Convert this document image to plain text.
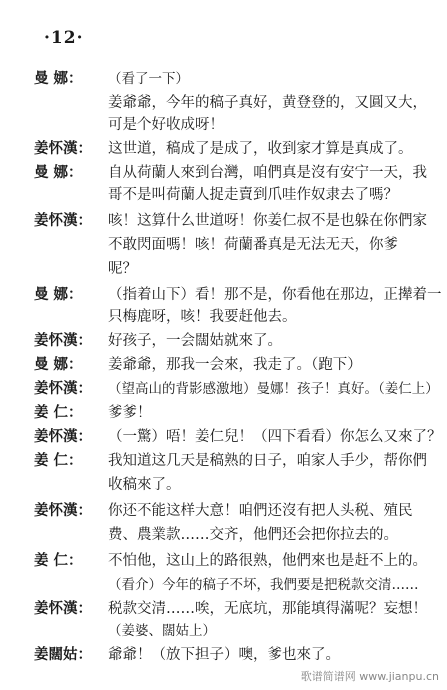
·12·
曼 娜： （看了一下）
姜爺爺，今年的稿子真好，黄登登的，又圓又大，
可是个好收成呀！
姜怀漢： 这世道，稿成了是成了，收到家才算是真成了。
曼 娜： 自从荷蘭人來到台灣，咱們真是沒有安宁一天，我
哥不是叫荷蘭人捉走賣到爪哇作奴隶去了嗎？
姜怀漢： 咳！这算什么世道呀！你姜仁叔不是也躲在你們家
不敢閃面嗎！咳！荷蘭番真是无法无天，你爹
呢？
曼 娜： （指着山下）看！那不是，你看他在那边，正撵着一
只梅鹿呀，咳！我要赶他去。
姜怀漢： 好孩子，一会闊姑就來了。
曼 娜： 姜爺爺，那我一会來，我走了。（跑下）
姜怀漢： （望高山的背影感激地）曼娜！孩子！真好。（姜仁上）
姜 仁： 爹爹！
姜怀漢： （一驚）唔！姜仁兒！（四下看看）你怎么又來了？
姜 仁： 我知道这几天是稿熟的日子，咱家人手少，帮你們
收稿來了。
姜怀漢： 你还不能这样大意！咱們还沒有把人头税、殖民
费、農業款……交齐，他們还会把你拉去的。
姜 仁： 不怕他，这山上的路很熟，他們來也是赶不上的。
（看介）今年的稿子不坏，我們要是把税款交清……
姜怀漢： 税款交清……唉，无底坑，那能填得滿呢？妄想！
（姜婆、闊姑上）
姜闊姑： 爺爺！（放下担子）噢，爹也來了。
歌谱简谱网 www.jianpu.cn
